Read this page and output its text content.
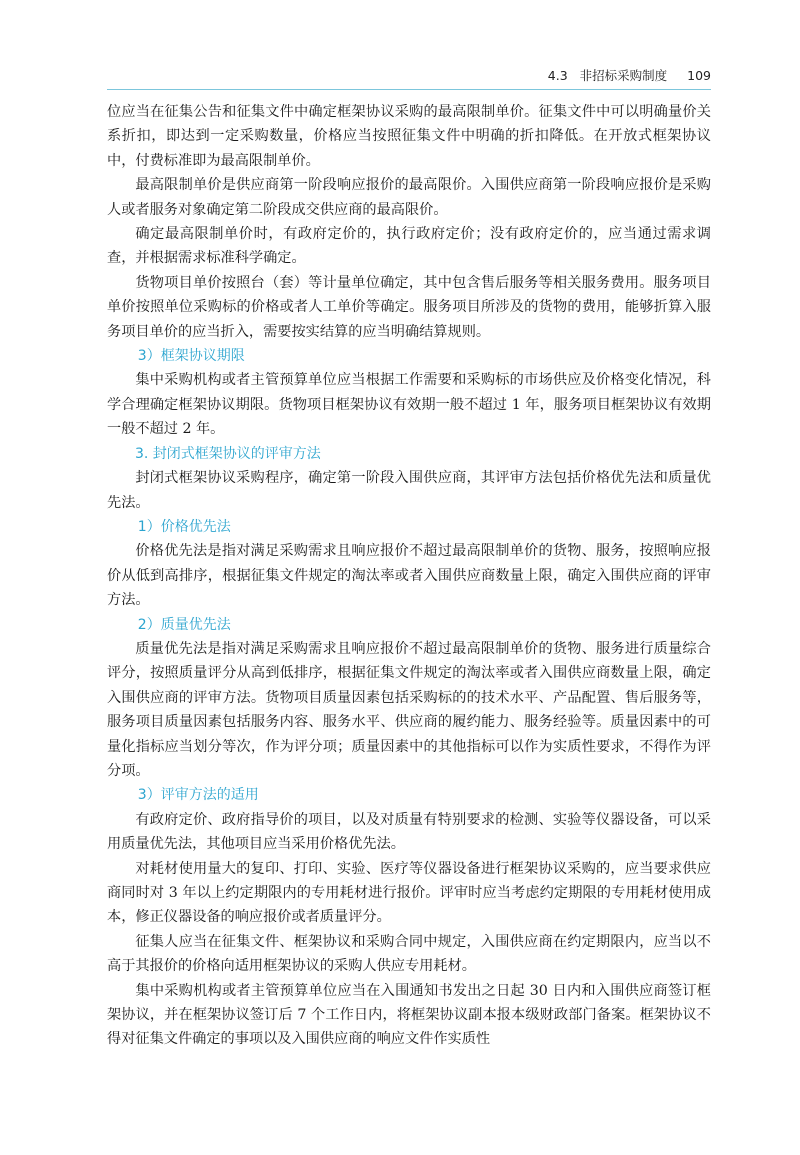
4.3 非招标采购制度 109

位应当在征集公告和征集文件中确定框架协议采购的最高限制单价。征集文件中可以明确量价关系折扣，即达到一定采购数量，价格应当按照征集文件中明确的折扣降低。在开放式框架协议中，付费标准即为最高限制单价。

最高限制单价是供应商第一阶段响应报价的最高限价。入围供应商第一阶段响应报价是采购人或者服务对象确定第二阶段成交供应商的最高限价。

确定最高限制单价时，有政府定价的，执行政府定价；没有政府定价的，应当通过需求调查，并根据需求标准科学确定。

货物项目单价按照台（套）等计量单位确定，其中包含售后服务等相关服务费用。服务项目单价按照单位采购标的价格或者人工单价等确定。服务项目所涉及的货物的费用，能够折算入服务项目单价的应当折入，需要按实结算的应当明确结算规则。

3）框架协议期限

集中采购机构或者主管预算单位应当根据工作需要和采购标的市场供应及价格变化情况，科学合理确定框架协议期限。货物项目框架协议有效期一般不超过 1 年，服务项目框架协议有效期一般不超过 2 年。

3. 封闭式框架协议的评审方法

封闭式框架协议采购程序，确定第一阶段入围供应商，其评审方法包括价格优先法和质量优先法。

1）价格优先法

价格优先法是指对满足采购需求且响应报价不超过最高限制单价的货物、服务，按照响应报价从低到高排序，根据征集文件规定的淘汰率或者入围供应商数量上限，确定入围供应商的评审方法。

2）质量优先法

质量优先法是指对满足采购需求且响应报价不超过最高限制单价的货物、服务进行质量综合评分，按照质量评分从高到低排序，根据征集文件规定的淘汰率或者入围供应商数量上限，确定入围供应商的评审方法。货物项目质量因素包括采购标的的技术水平、产品配置、售后服务等，服务项目质量因素包括服务内容、服务水平、供应商的履约能力、服务经验等。质量因素中的可量化指标应当划分等次，作为评分项；质量因素中的其他指标可以作为实质性要求，不得作为评分项。

3）评审方法的适用

有政府定价、政府指导价的项目，以及对质量有特别要求的检测、实验等仪器设备，可以采用质量优先法，其他项目应当采用价格优先法。

对耗材使用量大的复印、打印、实验、医疗等仪器设备进行框架协议采购的，应当要求供应商同时对 3 年以上约定期限内的专用耗材进行报价。评审时应当考虑约定期限的专用耗材使用成本，修正仪器设备的响应报价或者质量评分。

征集人应当在征集文件、框架协议和采购合同中规定，入围供应商在约定期限内，应当以不高于其报价的价格向适用框架协议的采购人供应专用耗材。

集中采购机构或者主管预算单位应当在入围通知书发出之日起 30 日内和入围供应商签订框架协议，并在框架协议签订后 7 个工作日内，将框架协议副本报本级财政部门备案。框架协议不得对征集文件确定的事项以及入围供应商的响应文件作实质性
